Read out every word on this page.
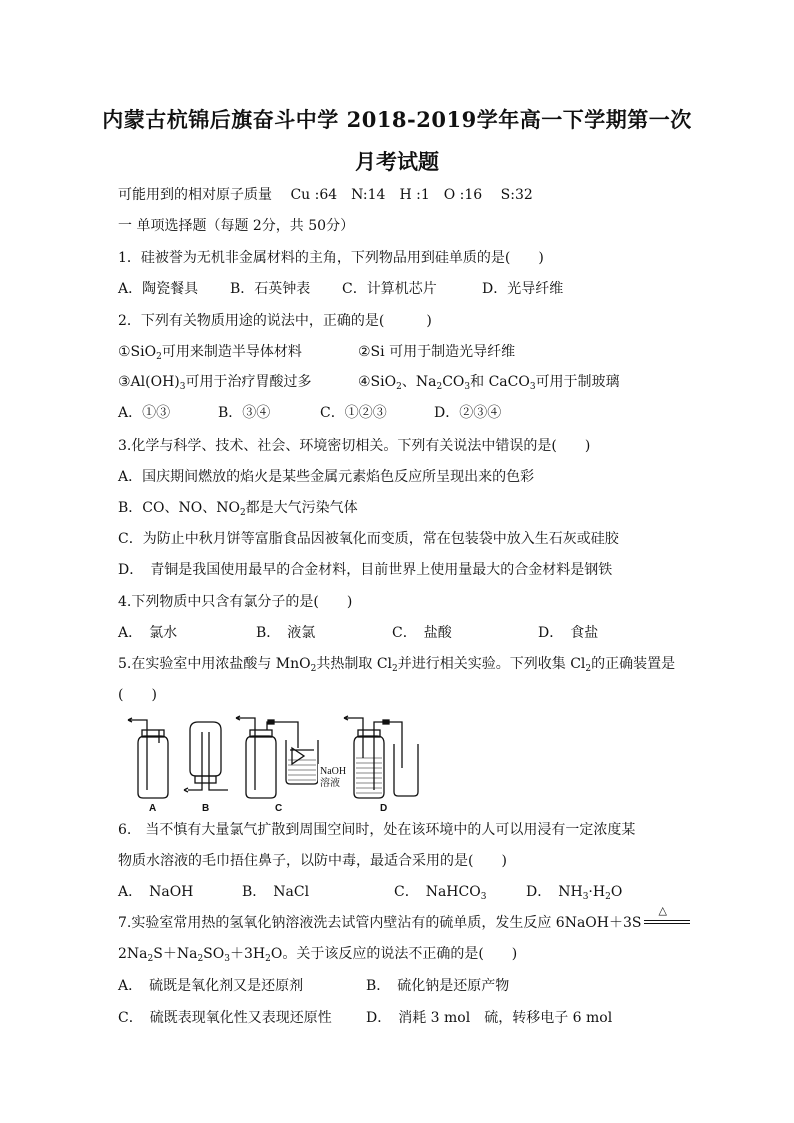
内蒙古杭锦后旗奋斗中学 2018-2019学年高一下学期第一次
月考试题
可能用到的相对原子质量　 Cu :64　N:14　H :1　O :16　 S:32
一 单项选择题（每题 2分，共 50分）
1．硅被誉为无机非金属材料的主角，下列物品用到硅单质的是(　　)
A．陶瓷餐具 B．石英钟表 C．计算机芯片	D．光导纤维
2．下列有关物质用途的说法中，正确的是(　　　)
①SiO$_2$可用来制造半导体材料	②Si 可用于制造光导纤维
$③Al(OH)_3$可用于治疗胃酸过多	④SiO$_2$、$Na_2CO_3$和 CaCO$_3$可用于制玻璃
A．①③	B．③④	C．①②③	D．②③④
3.化学与科学、技术、社会、环境密切相关。下列有关说法中错误的是(　　)
A．国庆期间燃放的焰火是某些金属元素焰色反应所呈现出来的色彩
B．CO、NO、$NO_2$都是大气污染气体
C．为防止中秋月饼等富脂食品因被氧化而变质，常在包装袋中放入生石灰或硅胶
D．　青铜是我国使用最早的合金材料，目前世界上使用量最大的合金材料是钢铁
4.下列物质中只含有氯分子的是(　　)
A．　氯水	B．　液氯	C．　盐酸	D．　食盐
5.在实验室中用浓盐酸与 MnO$_2$共热制取 $Cl_2$并进行相关实验。下列收集 $Cl_2$的正确装置是
(　　)
NaOH
溶液
A	B	C	D
6.　当不慎有大量氯气扩散到周围空间时，处在该环境中的人可以用浸有一定浓度某
物质水溶液的毛巾捂住鼻子，以防中毒，最适合采用的是(　　)
A．　NaOH	B．　NaCl	C．　NaHCO$_3$	D．　$NH_3\cdot H_2O$
7.实验室常用热的氢氧化钠溶液洗去试管内壁沾有的硫单质，发生反应 6NaOH＋3S
△

$2Na_2S+Na_2SO_3+3H_2O$。关于该反应的说法不正确的是(　　)
A．　硫既是氧化剂又是还原剂	B．　硫化钠是还原产物
C．　硫既表现氧化性又表现还原性 D．　消耗 3 mol　硫，转移电子 6 mol
